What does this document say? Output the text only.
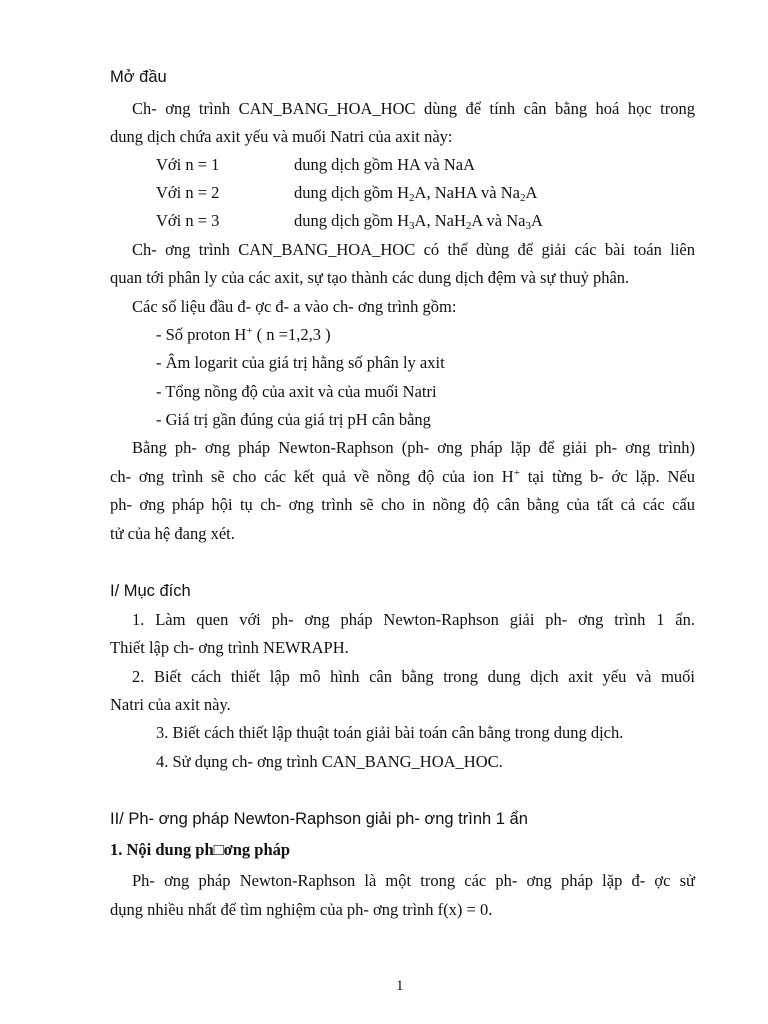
Mở đầu

Ch- ơng trình CAN_BANG_HOA_HOC dùng để tính cân bằng hoá học trong

dung dịch chứa axit yếu và muối Natri của axit này:

Với n = 1	dung dịch gồm HA và NaA

Với n = 2	dung dịch gồm $H_2A$, NaHA và $Na_2A$

Với n = 3	dung dịch gồm $H_3A$, NaH$_2$A và $Na_3A$

Ch- ơng trình CAN_BANG_HOA_HOC có thể dùng để giải các bài toán liên

quan tới phân ly của các axit, sự tạo thành các dung dịch đệm và sự thuỷ phân.

Các số liệu đầu đ- ợc đ- a vào ch- ơng trình gồm:

- Số proton H+ ( n =1,2,3 )

- Âm logarit của giá trị hằng số phân ly axit

- Tổng nồng độ của axit và của muối Natri

- Giá trị gần đúng của giá trị pH cân bằng

Bằng ph- ơng pháp Newton-Raphson (ph- ơng pháp lặp để giải ph- ơng trình)

ch- ơng trình sẽ cho các kết quả về nồng độ của ion H+ tại từng b- ớc lặp. Nếu

ph- ơng pháp hội tụ ch- ơng trình sẽ cho in nồng độ cân bằng của tất cả các cấu

tử của hệ đang xét.

I/ Mục đích

1. Làm quen với ph- ơng pháp Newton-Raphson giải ph- ơng trình 1 ẩn.

Thiết lập ch- ơng trình NEWRAPH.

2. Biết cách thiết lập mô hình cân bằng trong dung dịch axit yếu và muối

Natri của axit này.

3. Biết cách thiết lập thuật toán giải bài toán cân bằng trong dung dịch.

4. Sử dụng ch- ơng trình CAN_BANG_HOA_HOC.

II/ Ph- ơng pháp Newton-Raphson giải ph- ơng trình 1 ẩn
1. Nội dung ph□ơng pháp

Ph- ơng pháp Newton-Raphson là một trong các ph- ơng pháp lặp đ- ợc sử

dụng nhiều nhất để tìm nghiệm của ph- ơng trình f(x) = 0.

1
